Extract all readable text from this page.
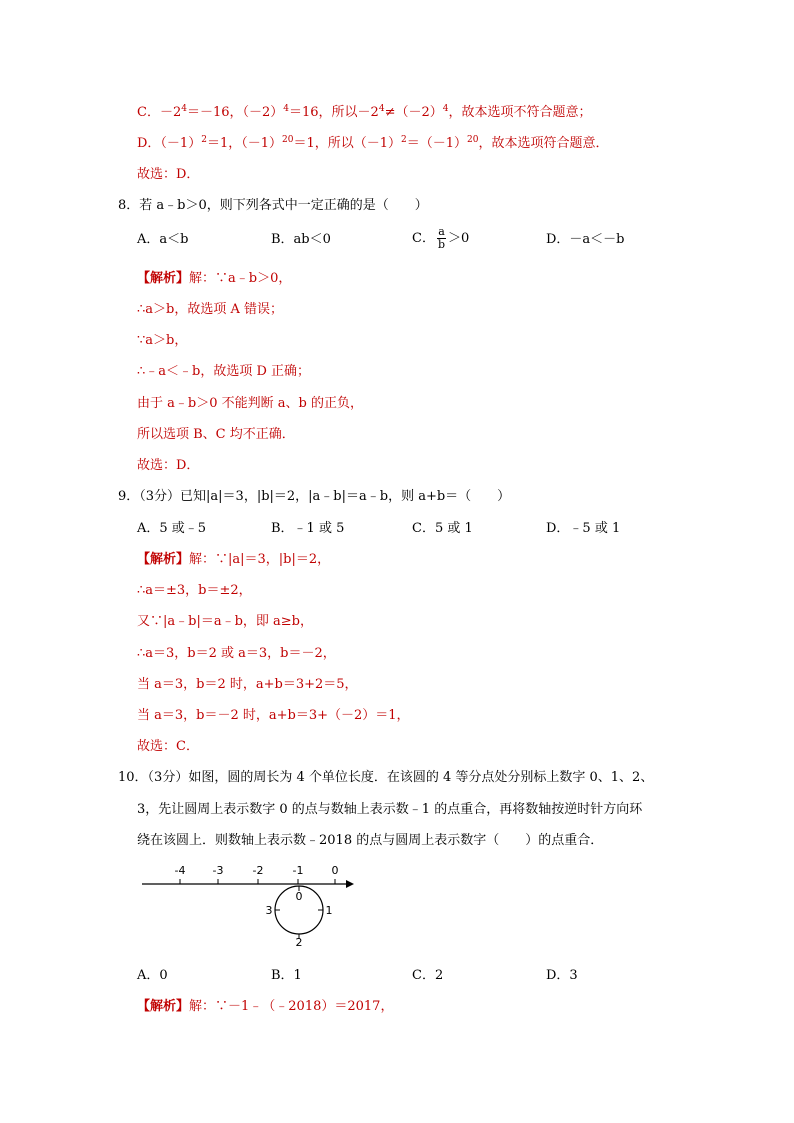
C．$-2^4=-16$，$(-2)^4=16$，所以$-2^4\ne(-2)^4$，故本选项不符合题意；
D．$(-1)^2=1$，$(-1)^{20}=1$，所以$(-1)^2=(-1)^{20}$，故本选项符合题意．
故选：D．
8．若 a﹣b＞0，则下列各式中一定正确的是（　　）
A．a＜b	B．ab＜0	C． $\frac{a}{b} >0$	D．－a＜－b
【解析】解：∵a﹣b＞0，
∴a＞b，故选项 A 错误；
∵a＞b，
∴﹣a＜﹣b，故选项 D 正确；
由于 a﹣b＞0 不能判断 a、b 的正负，
所以选项 B、C 均不正确．
故选：D．
9．（3分）已知|a|＝3，|b|＝2，|a﹣b|＝a﹣b，则 a+b＝（　　）
A．5 或﹣5	B．﹣1 或 5	C．5 或 1	D．﹣5 或 1
【解析】解：∵|a|＝3，|b|＝2，
∴a＝±3，b＝±2，
又∵|a﹣b|＝a﹣b，即 a≥b，
∴a＝3，b＝2 或 a＝3，b＝－2，
当 a＝3，b＝2 时，a+b＝3+2＝5，
当 a＝3，b＝－2 时，a+b＝3+（－2）＝1，
故选：C．
10．（3分）如图，圆的周长为 4 个单位长度．在该圆的 4 等分点处分别标上数字 0、1、2、
3，先让圆周上表示数字 0 的点与数轴上表示数﹣1 的点重合，再将数轴按逆时针方向环
绕在该圆上．则数轴上表示数﹣2018 的点与圆周上表示数字（　　）的点重合．
-4 -3	-2	-1	0
0
1
2
3
A．0	B．1	C．2	D．3
【解析】解：∵－1﹣（﹣2018）＝2017，
